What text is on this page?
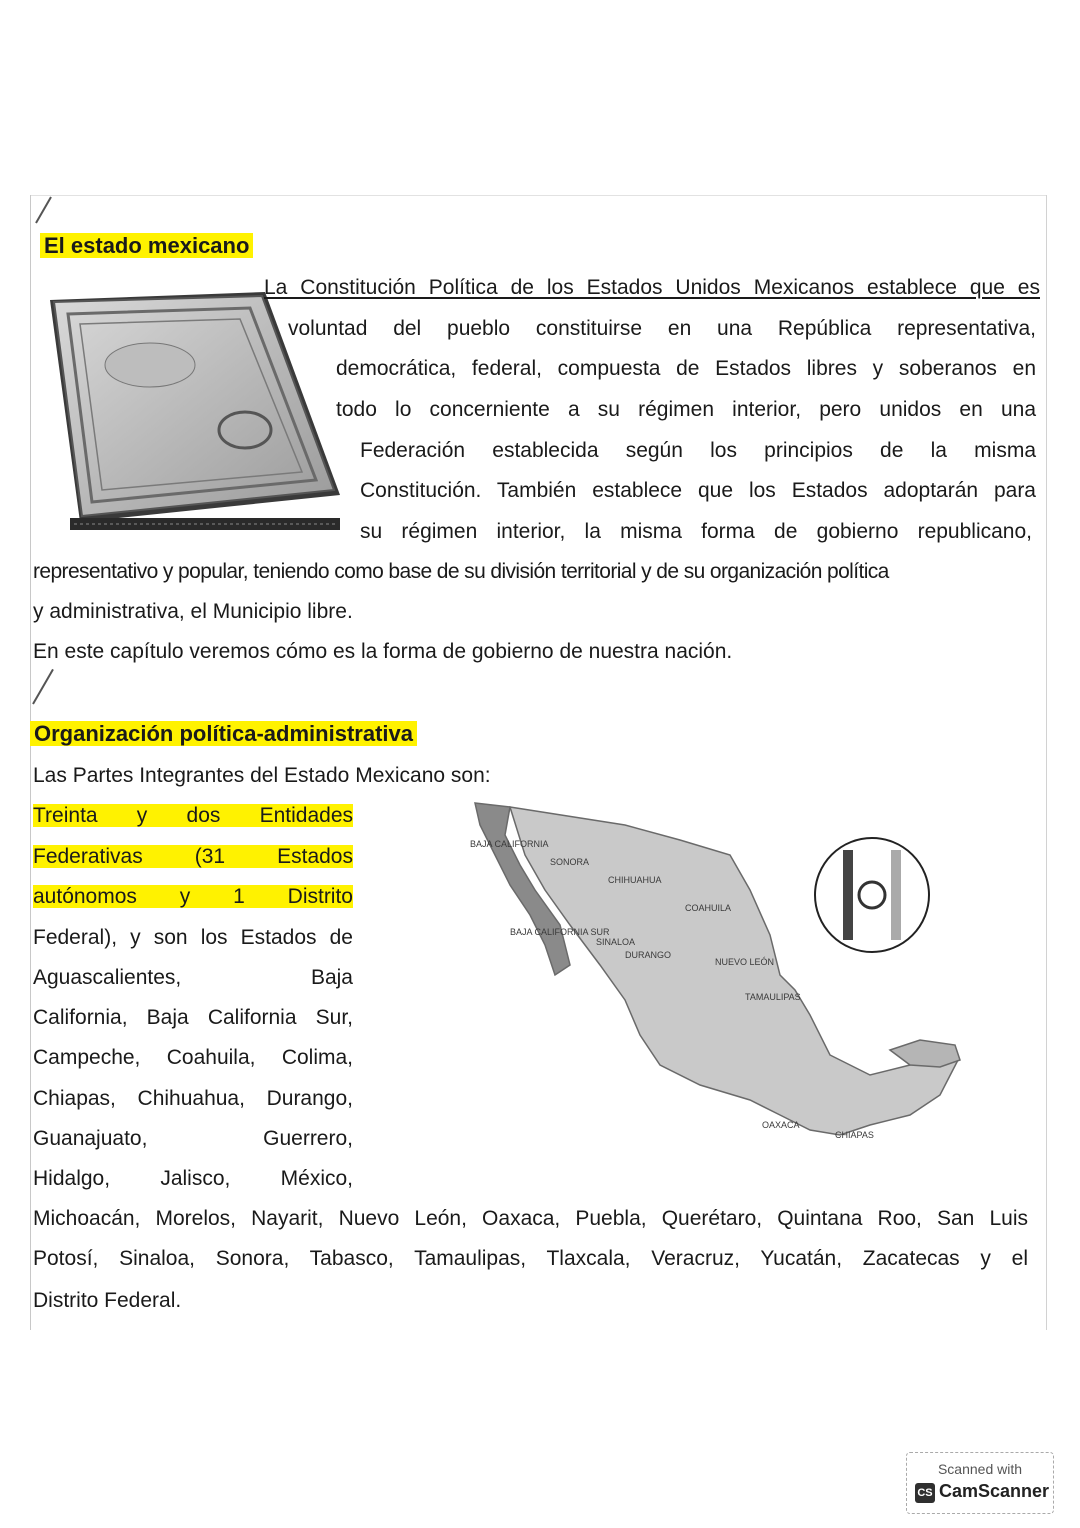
El estado mexicano
La Constitución Política de los Estados Unidos Mexicanos establece que es
voluntad del pueblo constituirse en una República representativa,
democrática, federal, compuesta de Estados libres y soberanos en
todo lo concerniente a su régimen interior, pero unidos en una
Federación establecida según los principios de la misma
Constitución. También establece que los Estados adoptarán para
su régimen interior, la misma forma de gobierno republicano,
representativo y popular, teniendo como base de su división territorial y de su organización política
y administrativa, el Municipio libre.
En este capítulo veremos cómo es la forma de gobierno de nuestra nación.
Organización política-administrativa
Las Partes Integrantes del Estado Mexicano son:
Treinta y dos Entidades
Federativas (31 Estados
autónomos y 1 Distrito
Federal), y son los Estados de
Aguascalientes, Baja
California, Baja California Sur,
Campeche, Coahuila, Colima,
Chiapas, Chihuahua, Durango,
Guanajuato, Guerrero,
Hidalgo, Jalisco, México,
Michoacán, Morelos, Nayarit, Nuevo León, Oaxaca, Puebla, Querétaro, Quintana Roo, San Luis
Potosí, Sinaloa, Sonora, Tabasco, Tamaulipas, Tlaxcala, Veracruz, Yucatán, Zacatecas y el
Distrito Federal.
BAJA CALIFORNIA
SONORA
CHIHUAHUA
COAHUILA
BAJA CALIFORNIA SUR
SINALOA
DURANGO
NUEVO LEÓN
TAMAULIPAS
OAXACA
CHIAPAS
Scanned with
CS CamScanner
